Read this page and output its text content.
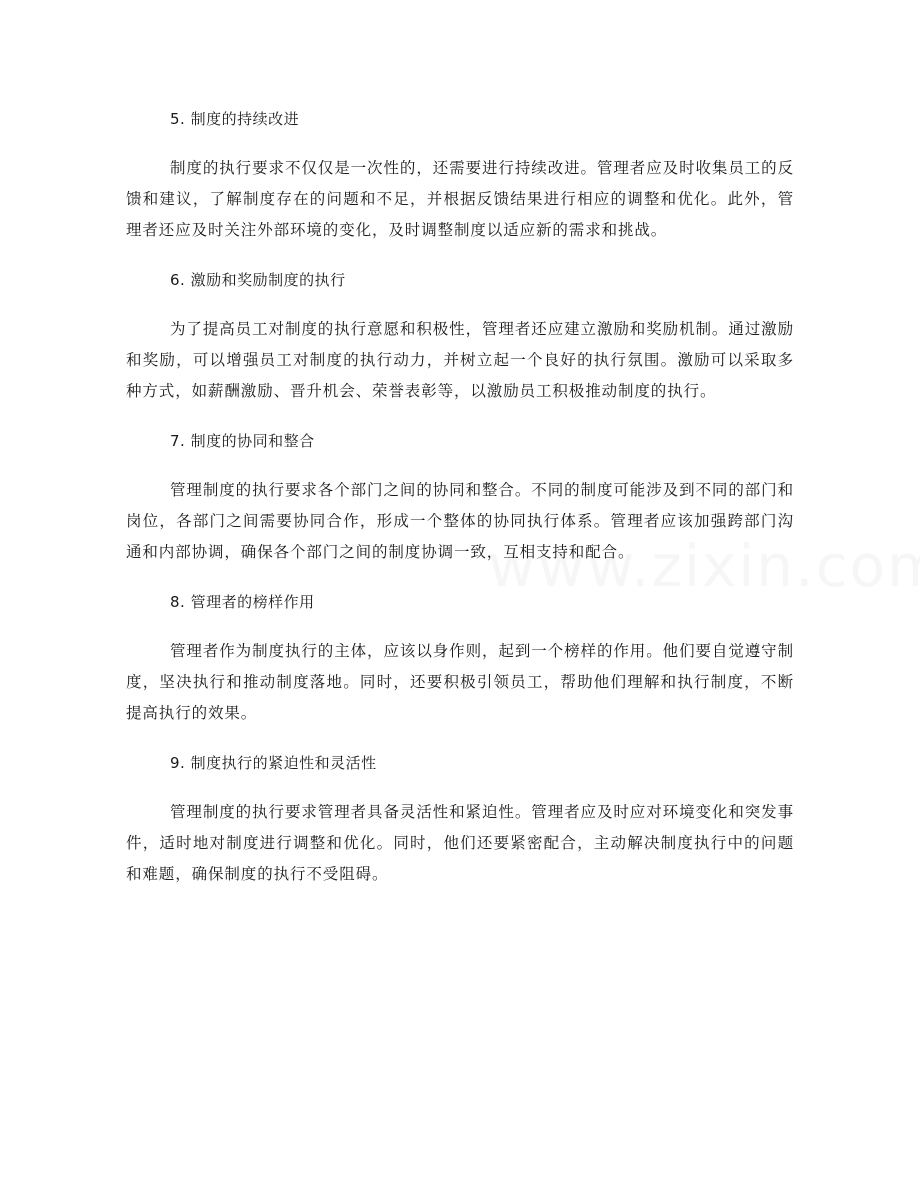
5. 制度的持续改进

制度的执行要求不仅仅是一次性的，还需要进行持续改进。管理者应及时收集员工的反馈和建议，了解制度存在的问题和不足，并根据反馈结果进行相应的调整和优化。此外，管理者还应及时关注外部环境的变化，及时调整制度以适应新的需求和挑战。

6. 激励和奖励制度的执行

为了提高员工对制度的执行意愿和积极性，管理者还应建立激励和奖励机制。通过激励和奖励，可以增强员工对制度的执行动力，并树立起一个良好的执行氛围。激励可以采取多种方式，如薪酬激励、晋升机会、荣誉表彰等，以激励员工积极推动制度的执行。

7. 制度的协同和整合

管理制度的执行要求各个部门之间的协同和整合。不同的制度可能涉及到不同的部门和岗位，各部门之间需要协同合作，形成一个整体的协同执行体系。管理者应该加强跨部门沟通和内部协调，确保各个部门之间的制度协调一致，互相支持和配合。

8. 管理者的榜样作用

管理者作为制度执行的主体，应该以身作则，起到一个榜样的作用。他们要自觉遵守制度，坚决执行和推动制度落地。同时，还要积极引领员工，帮助他们理解和执行制度，不断提高执行的效果。

9. 制度执行的紧迫性和灵活性

管理制度的执行要求管理者具备灵活性和紧迫性。管理者应及时应对环境变化和突发事件，适时地对制度进行调整和优化。同时，他们还要紧密配合，主动解决制度执行中的问题和难题，确保制度的执行不受阻碍。
